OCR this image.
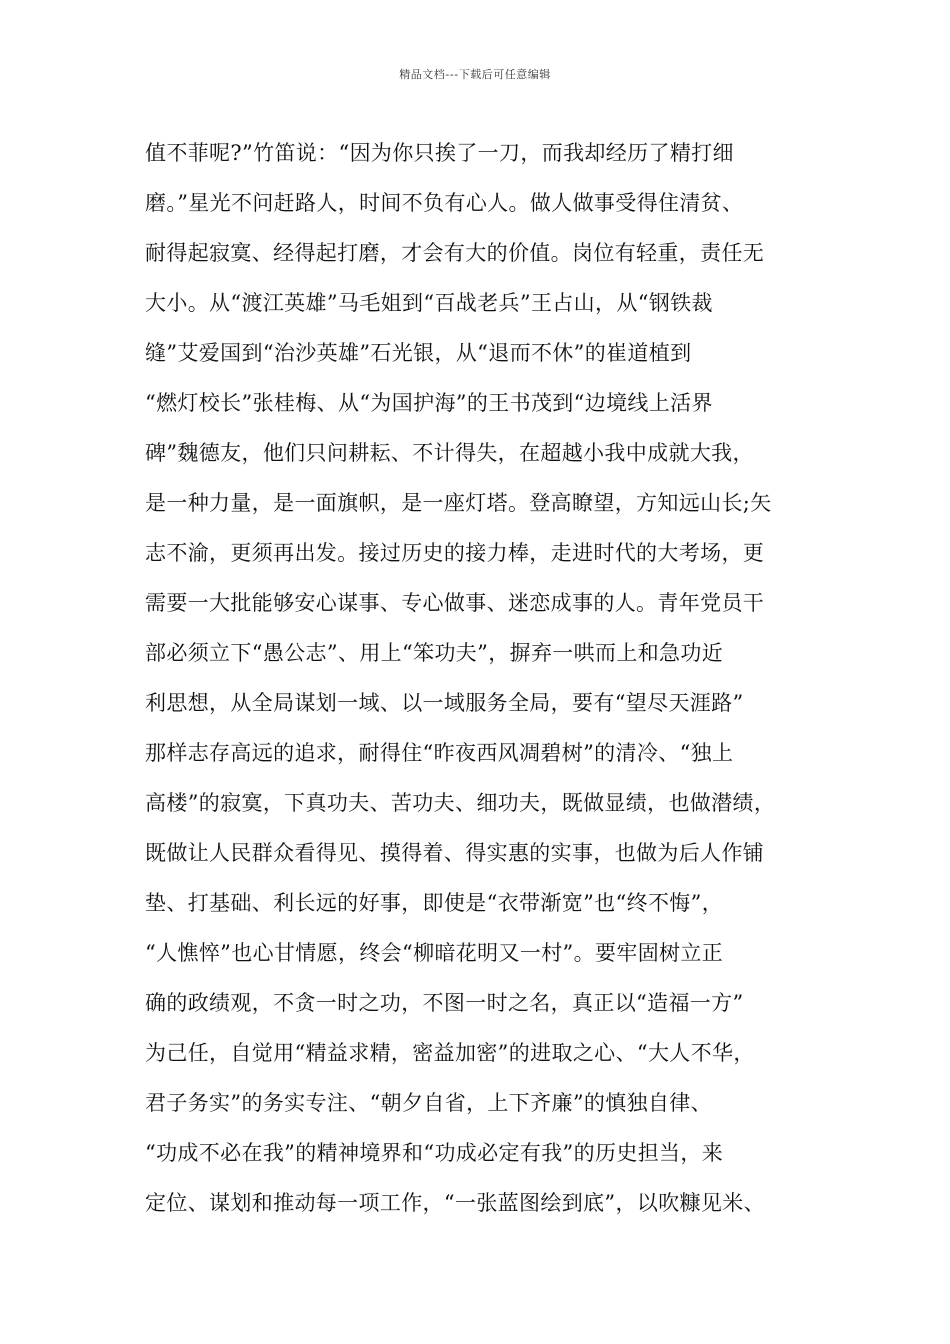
精品文档---下载后可任意编辑
值不菲呢?”竹笛说：“因为你只挨了一刀，而我却经历了精打细
磨。”星光不问赶路人，时间不负有心人。做人做事受得住清贫、
耐得起寂寞、经得起打磨，才会有大的价值。岗位有轻重，责任无
大小。从“渡江英雄”马毛姐到“百战老兵”王占山，从“钢铁裁
缝”艾爱国到“治沙英雄”石光银，从“退而不休”的崔道植到
“燃灯校长”张桂梅、从“为国护海”的王书茂到“边境线上活界
碑”魏德友，他们只问耕耘、不计得失，在超越小我中成就大我，
是一种力量，是一面旗帜，是一座灯塔。登高瞭望，方知远山长;矢
志不渝，更须再出发。接过历史的接力棒，走进时代的大考场，更
需要一大批能够安心谋事、专心做事、迷恋成事的人。青年党员干
部必须立下“愚公志”、用上“笨功夫”，摒弃一哄而上和急功近
利思想，从全局谋划一域、以一域服务全局，要有“望尽天涯路”
那样志存高远的追求，耐得住“昨夜西风凋碧树”的清冷、“独上
高楼”的寂寞，下真功夫、苦功夫、细功夫，既做显绩，也做潜绩，
既做让人民群众看得见、摸得着、得实惠的实事，也做为后人作铺
垫、打基础、利长远的好事，即使是“衣带渐宽”也“终不悔”，
“人憔悴”也心甘情愿，终会“柳暗花明又一村”。要牢固树立正
确的政绩观，不贪一时之功，不图一时之名，真正以“造福一方”
为己任，自觉用“精益求精，密益加密”的进取之心、“大人不华，
君子务实”的务实专注、“朝夕自省，上下齐廉”的慎独自律、
“功成不必在我”的精神境界和“功成必定有我”的历史担当，来
定位、谋划和推动每一项工作，“一张蓝图绘到底”，以吹糠见米、
